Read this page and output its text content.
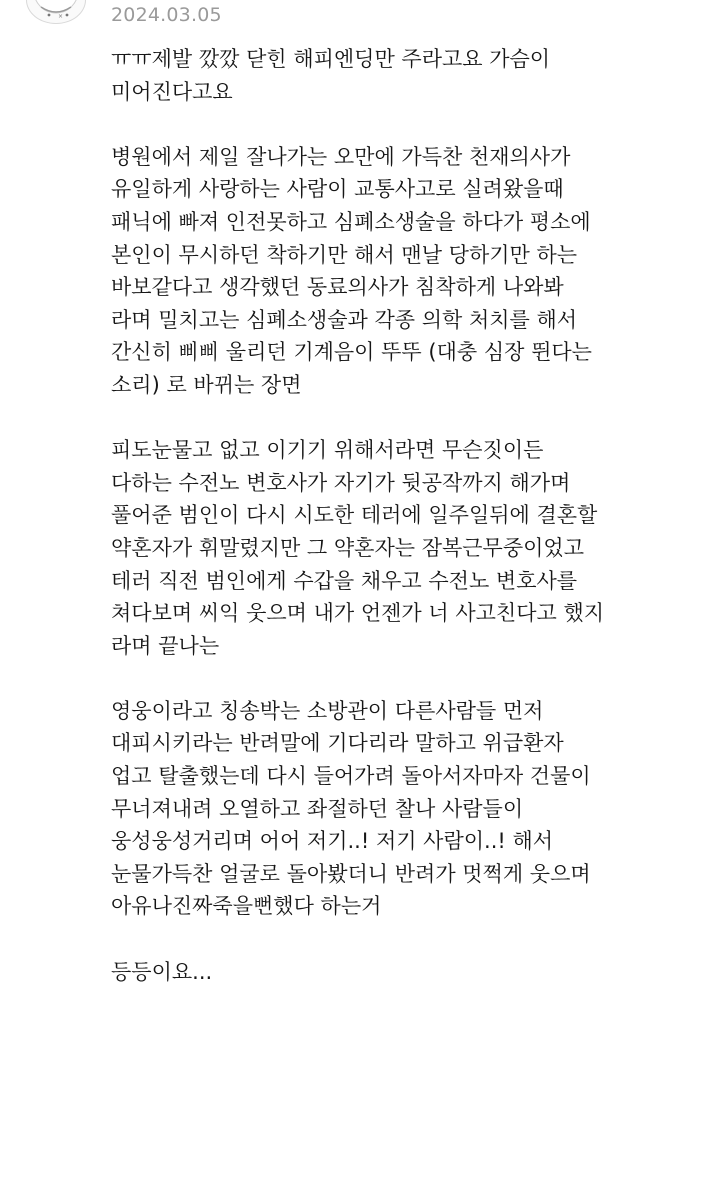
×	2024.03.05
ㅠㅠ제발 깠깠 닫힌 해피엔딩만 주라고요 가슴이
미어진다고요
병원에서 제일 잘나가는 오만에 가득찬 천재의사가
유일하게 사랑하는 사람이 교통사고로 실려왔을때
패닉에 빠져 인전못하고 심폐소생술을 하다가 평소에
본인이 무시하던 착하기만 해서 맨날 당하기만 하는
바보같다고 생각했던 동료의사가 침착하게 나와봐
라며 밀치고는 심폐소생술과 각종 의학 처치를 해서
간신히 삐삐 울리던 기계음이 뚜뚜 (대충 심장 뛴다는
소리) 로 바뀌는 장면
피도눈물고 없고 이기기 위해서라면 무슨짓이든
다하는 수전노 변호사가 자기가 뒷공작까지 해가며
풀어준 범인이 다시 시도한 테러에 일주일뒤에 결혼할
약혼자가 휘말렸지만 그 약혼자는 잠복근무중이었고
테러 직전 범인에게 수갑을 채우고 수전노 변호사를
쳐다보며 씨익 웃으며 내가 언젠가 너 사고친다고 했지
라며 끝나는
영웅이라고 칭송박는 소방관이 다른사람들 먼저
대피시키라는 반려말에 기다리라 말하고 위급환자
업고 탈출했는데 다시 들어가려 돌아서자마자 건물이
무너져내려 오열하고 좌절하던 찰나 사람들이
웅성웅성거리며 어어 저기..! 저기 사람이..! 해서
눈물가득찬 얼굴로 돌아봤더니 반려가 멋쩍게 웃으며
아유나진짜죽을뻔했다 하는거
등등이요...
